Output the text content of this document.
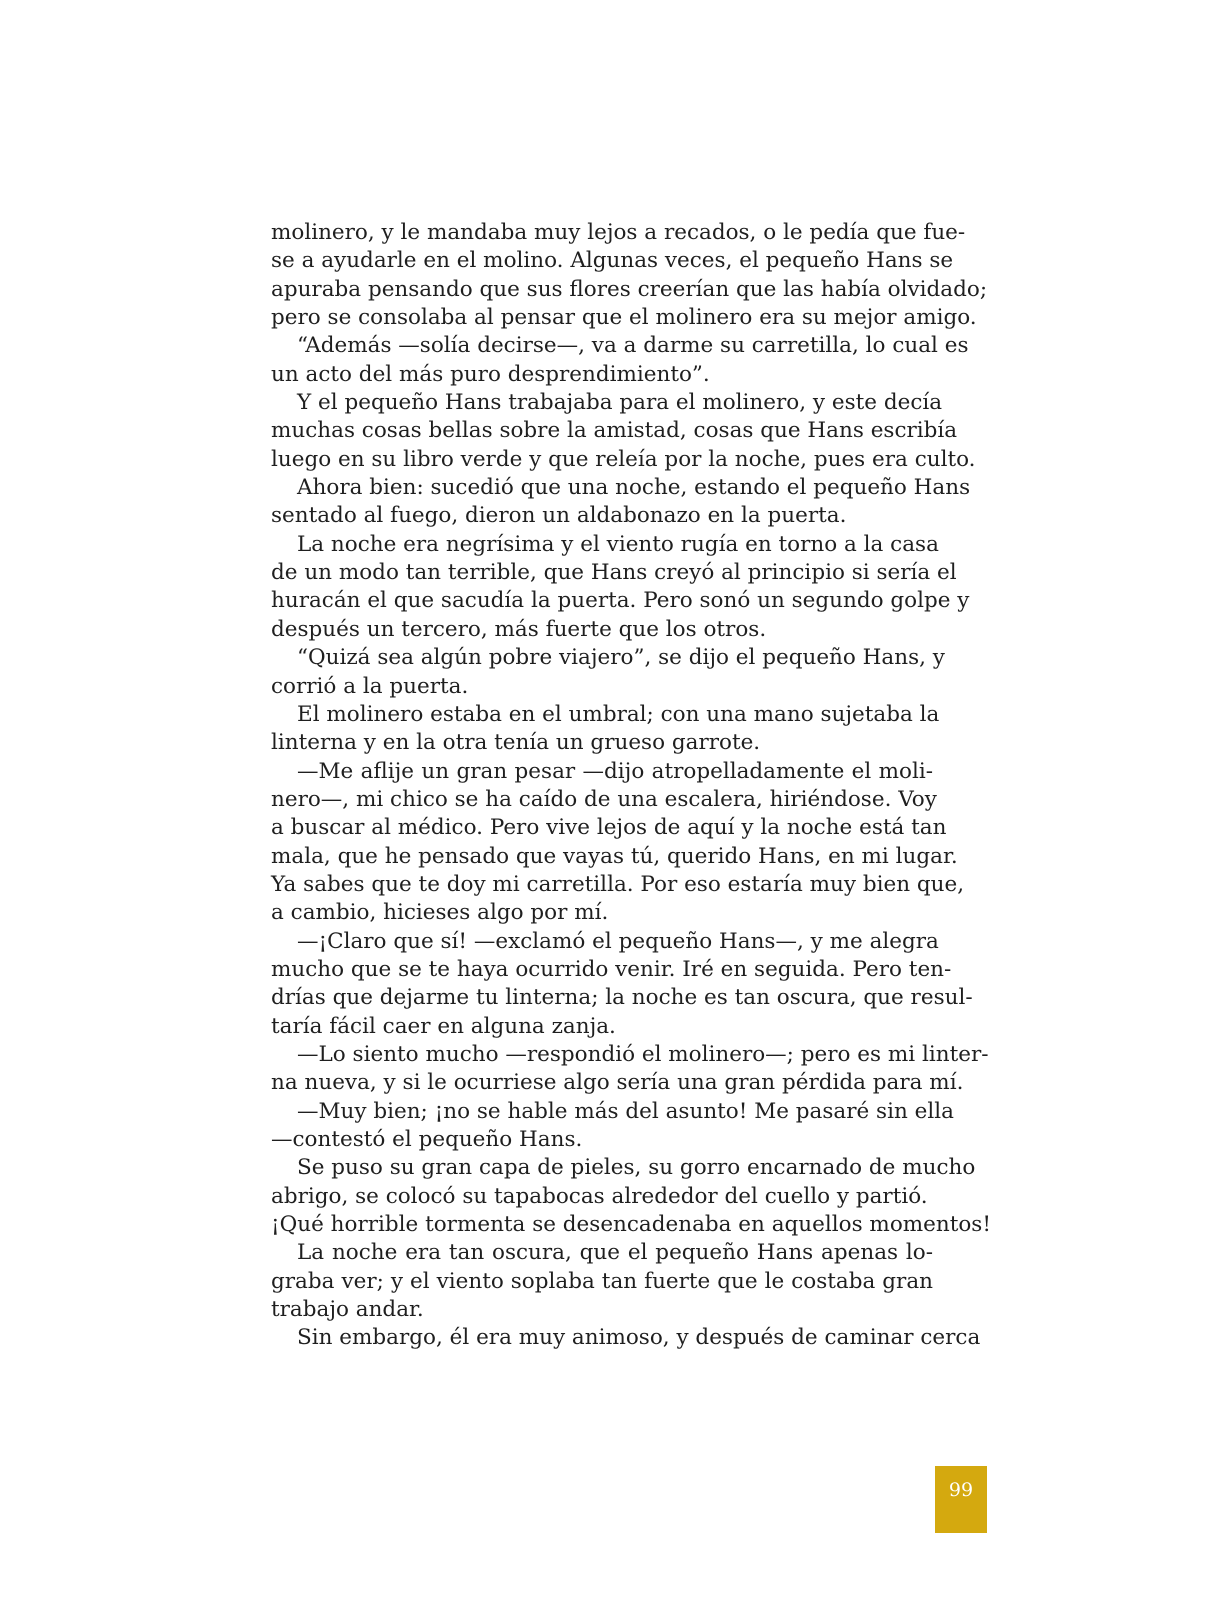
molinero, y le mandaba muy lejos a recados, o le pedía que fue-
se a ayudarle en el molino. Algunas veces, el pequeño Hans se
apuraba pensando que sus flores creerían que las había olvidado;
pero se consolaba al pensar que el molinero era su mejor amigo.

“Además —solía decirse—, va a darme su carretilla, lo cual es
un acto del más puro desprendimiento”.

Y el pequeño Hans trabajaba para el molinero, y este decía
muchas cosas bellas sobre la amistad, cosas que Hans escribía
luego en su libro verde y que releía por la noche, pues era culto.

Ahora bien: sucedió que una noche, estando el pequeño Hans
sentado al fuego, dieron un aldabonazo en la puerta.

La noche era negrísima y el viento rugía en torno a la casa
de un modo tan terrible, que Hans creyó al principio si sería el
huracán el que sacudía la puerta. Pero sonó un segundo golpe y
después un tercero, más fuerte que los otros.

“Quizá sea algún pobre viajero”, se dijo el pequeño Hans, y
corrió a la puerta.

El molinero estaba en el umbral; con una mano sujetaba la
linterna y en la otra tenía un grueso garrote.

—Me aflije un gran pesar —dijo atropelladamente el moli-
nero—, mi chico se ha caído de una escalera, hiriéndose. Voy
a buscar al médico. Pero vive lejos de aquí y la noche está tan
mala, que he pensado que vayas tú, querido Hans, en mi lugar.
Ya sabes que te doy mi carretilla. Por eso estaría muy bien que,
a cambio, hicieses algo por mí.

—¡Claro que sí! —exclamó el pequeño Hans—, y me alegra
mucho que se te haya ocurrido venir. Iré en seguida. Pero ten-
drías que dejarme tu linterna; la noche es tan oscura, que resul-
taría fácil caer en alguna zanja.

—Lo siento mucho —respondió el molinero—; pero es mi linter-
na nueva, y si le ocurriese algo sería una gran pérdida para mí.

—Muy bien; ¡no se hable más del asunto! Me pasaré sin ella
—contestó el pequeño Hans.

Se puso su gran capa de pieles, su gorro encarnado de mucho
abrigo, se colocó su tapabocas alrededor del cuello y partió.

¡Qué horrible tormenta se desencadenaba en aquellos momentos!

La noche era tan oscura, que el pequeño Hans apenas lo-
graba ver; y el viento soplaba tan fuerte que le costaba gran
trabajo andar.

Sin embargo, él era muy animoso, y después de caminar cerca

99
